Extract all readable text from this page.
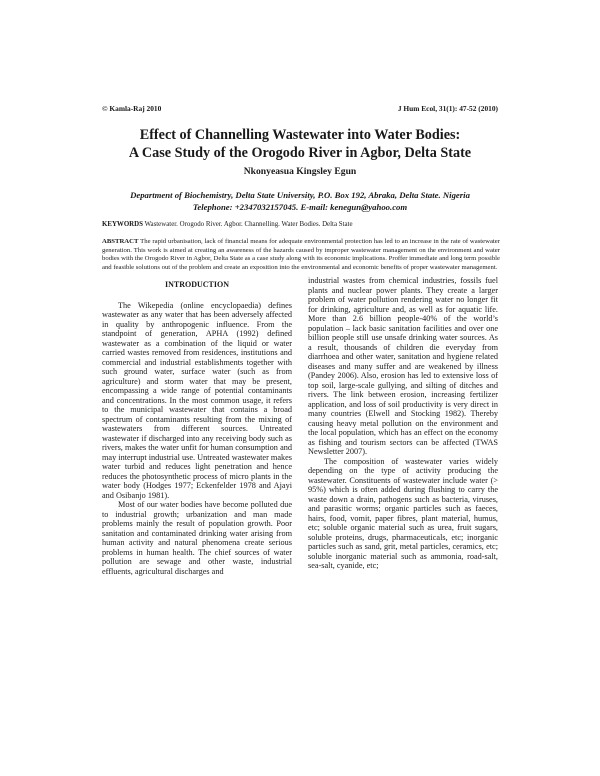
© Kamla-Raj 2010	J Hum Ecol, 31(1): 47-52 (2010)
Effect of Channelling Wastewater into Water Bodies:
A Case Study of the Orogodo River in Agbor, Delta State
Nkonyeasua Kingsley Egun
Department of Biochemistry, Delta State University, P.O. Box 192, Abraka, Delta State. Nigeria
Telephone: +2347032157045. E-mail: kenegun@yahoo.com
KEYWORDS Wastewater. Orogodo River. Agbor. Channelling. Water Bodies. Delta State
ABSTRACT The rapid urbanisation, lack of financial means for adequate environmental protection has led to an increase in the rate of wastewater generation. This work is aimed at creating an awareness of the hazards caused by improper wastewater management on the environment and water bodies with the Orogodo River in Agbor, Delta State as a case study along with its economic implications. Proffer immediate and long term possible and feasible solutions out of the problem and create an exposition into the environmental and economic benefits of proper wastewater management.
INTRODUCTION

The Wikepedia (online encyclopaedia) defines wastewater as any water that has been adversely affected in quality by anthropogenic influence. From the standpoint of generation, APHA (1992) defined wastewater as a combination of the liquid or water carried wastes removed from residences, institutions and commercial and industrial establishments together with such ground water, surface water (such as from agriculture) and storm water that may be present, encompassing a wide range of potential contaminants and concentrations. In the most common usage, it refers to the municipal wastewater that contains a broad spectrum of contaminants resulting from the mixing of wastewaters from different sources. Untreated wastewater if discharged into any receiving body such as rivers, makes the water unfit for human consumption and may interrupt industrial use. Untreated wastewater makes water turbid and reduces light penetration and hence reduces the photosynthetic process of micro plants in the water body (Hodges 1977; Eckenfelder 1978 and Ajayi and Osibanjo 1981).

Most of our water bodies have become polluted due to industrial growth; urbanization and man made problems mainly the result of population growth. Poor sanitation and contaminated drinking water arising from human activity and natural phenomena create serious problems in human health. The chief sources of water pollution are sewage and other waste, industrial effluents, agricultural discharges and

industrial wastes from chemical industries, fossils fuel plants and nuclear power plants. They create a larger problem of water pollution rendering water no longer fit for drinking, agriculture and, as well as for aquatic life. More than 2.6 billion people-40% of the world’s population – lack basic sanitation facilities and over one billion people still use unsafe drinking water sources. As a result, thousands of children die everyday from diarrhoea and other water, sanitation and hygiene related diseases and many suffer and are weakened by illness (Pandey 2006). Also, erosion has led to extensive loss of top soil, large-scale gullying, and silting of ditches and rivers. The link between erosion, increasing fertilizer application, and loss of soil productivity is very direct in many countries (Elwell and Stocking 1982). Thereby causing heavy metal pollution on the environment and the local population, which has an effect on the economy as fishing and tourism sectors can be affected (TWAS Newsletter 2007).

The composition of wastewater varies widely depending on the type of activity producing the wastewater. Constituents of wastewater include water (> 95%) which is often added during flushing to carry the waste down a drain, pathogens such as bacteria, viruses, and parasitic worms; organic particles such as faeces, hairs, food, vomit, paper fibres, plant material, humus, etc; soluble organic material such as urea, fruit sugars, soluble proteins, drugs, pharmaceuticals, etc; inorganic particles such as sand, grit, metal particles, ceramics, etc; soluble inorganic material such as ammonia, road-salt, sea-salt, cyanide, etc;
